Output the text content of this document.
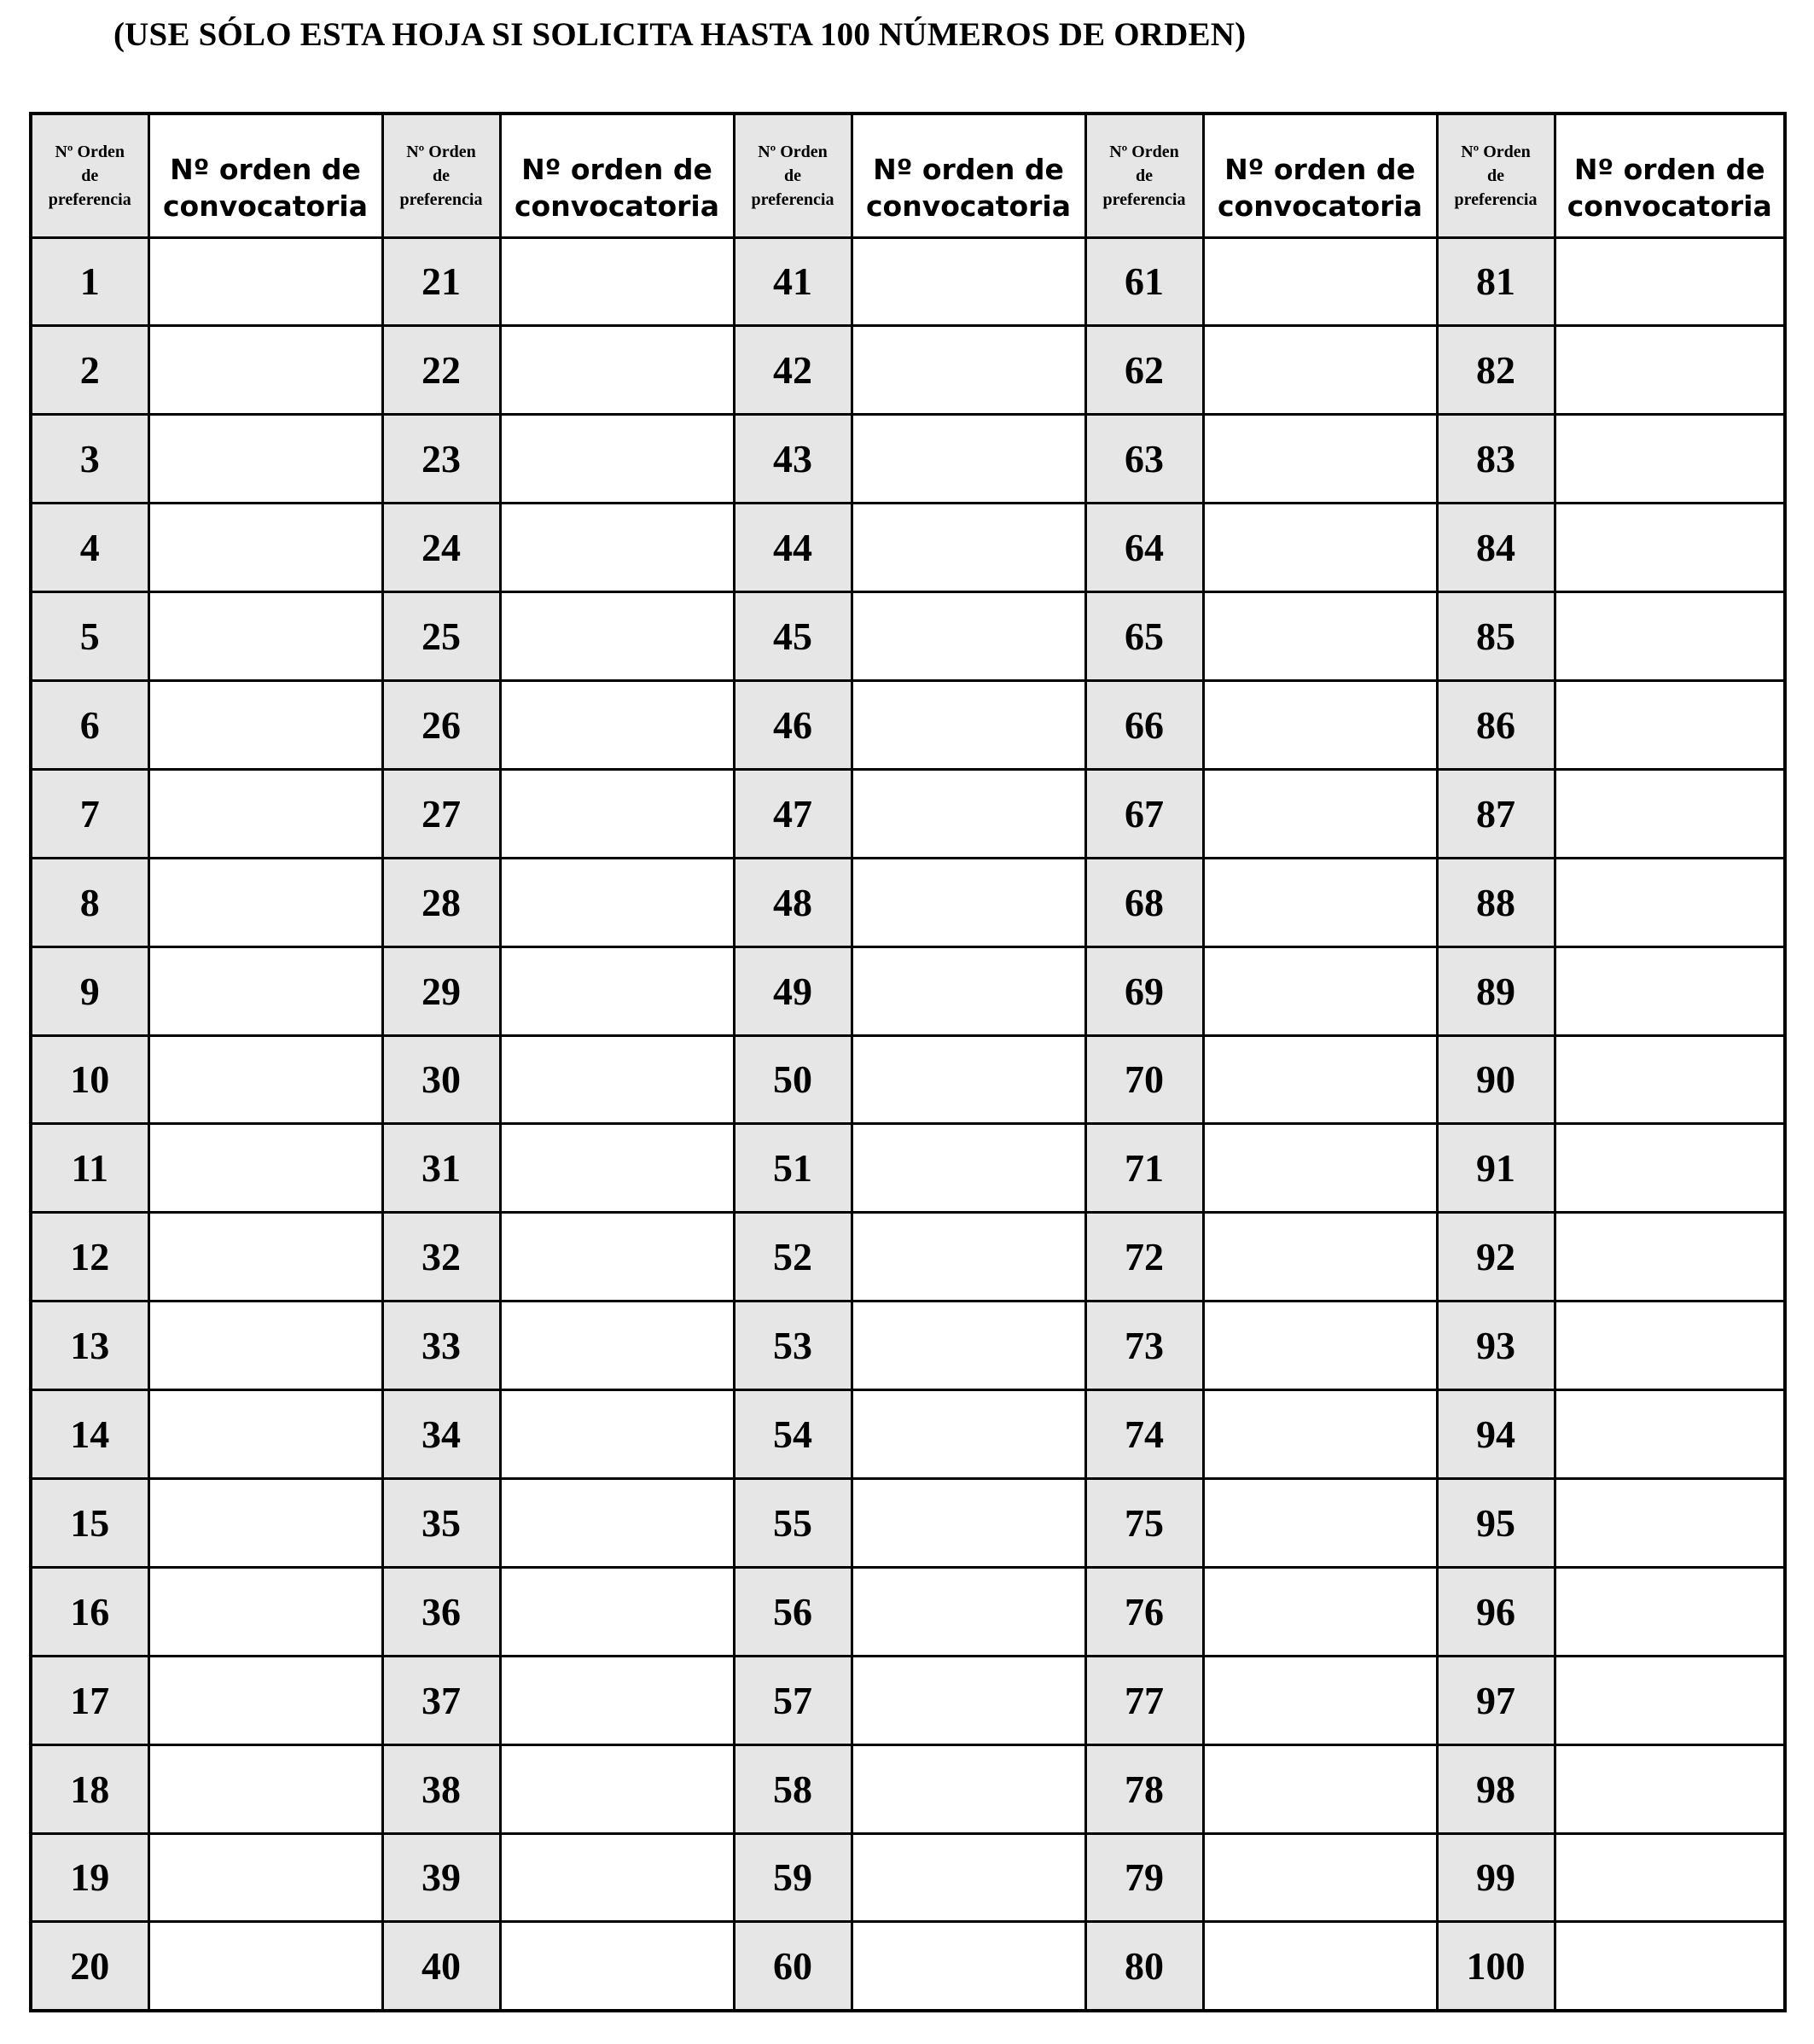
(USE SÓLO ESTA HOJA SI SOLICITA HASTA 100 NÚMEROS DE ORDEN)
Nº Orden
de
preferencia	Nº orden de
convocatoria	Nº Orden
de
preferencia	Nº orden de
convocatoria	Nº Orden
de
preferencia	Nº orden de
convocatoria	Nº Orden
de
preferencia	Nº orden de
convocatoria	Nº Orden
de
preferencia	Nº orden de
convocatoria

1		21		41		61		81	
2		22		42		62		82	
3		23		43		63		83	
4		24		44		64		84	
5		25		45		65		85	
6		26		46		66		86	
7		27		47		67		87	
8		28		48		68		88	
9		29		49		69		89	
10		30		50		70		90	
11		31		51		71		91	
12		32		52		72		92	
13		33		53		73		93	
14		34		54		74		94	
15		35		55		75		95	
16		36		56		76		96	
17		37		57		77		97	
18		38		58		78		98	
19		39		59		79		99	
20		40		60		80		100	
